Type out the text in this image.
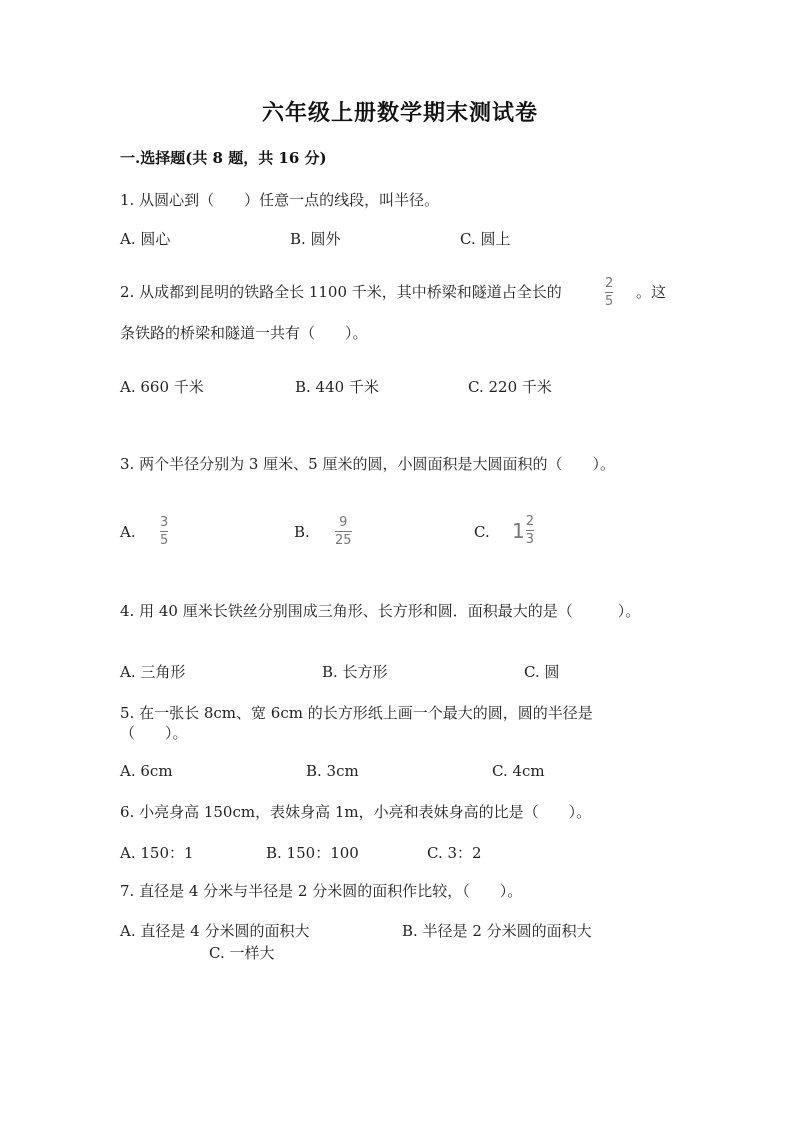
六年级上册数学期末测试卷
一.选择题(共 8 题，共 16 分)
1. 从圆心到（　　）任意一点的线段，叫半径。
A. 圆心	B. 圆外	C. 圆上
2. 从成都到昆明的铁路全长 1100 千米，其中桥梁和隧道占全长的	2
5
。这
条铁路的桥梁和隧道一共有（　　）。
A. 660 千米	B. 440 千米	C. 220 千米
3. 两个半径分别为 3 厘米、5 厘米的圆，小圆面积是大圆面积的（　　）。
A.
3
5	B.
9
25	C. $1 \frac{2}{3}$
4. 用 40 厘米长铁丝分别围成三角形、长方形和圆．面积最大的是（　　　）。
A. 三角形	B. 长方形	C. 圆
5. 在一张长 8cm、宽 6cm 的长方形纸上画一个最大的圆，圆的半径是
（　　）。
A. 6cm	B. 3cm	C. 4cm
6. 小亮身高 150cm，表妹身高 1m，小亮和表妹身高的比是（　　）。
A. 150：1	B. 150：100	C. 3：2
7. 直径是 4 分米与半径是 2 分米圆的面积作比较，（　　）。
A. 直径是 4 分米圆的面积大	B. 半径是 2 分米圆的面积大
C. 一样大
